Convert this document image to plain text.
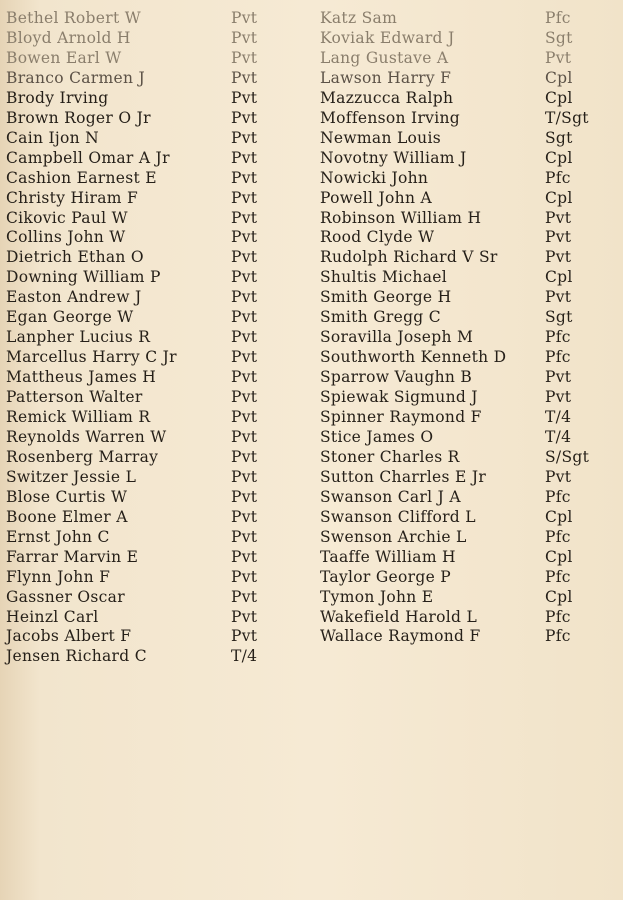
Bethel Robert W	Pvt
Bloyd Arnold H	Pvt
Bowen Earl W	Pvt
Branco Carmen J	Pvt
Brody Irving	Pvt
Brown Roger O Jr	Pvt
Cain Ijon N	Pvt
Campbell Omar A Jr	Pvt
Cashion Earnest E	Pvt
Christy Hiram F	Pvt
Cikovic Paul W	Pvt
Collins John W	Pvt
Dietrich Ethan O	Pvt
Downing William P	Pvt
Easton Andrew J	Pvt
Egan George W	Pvt
Lanpher Lucius R	Pvt
Marcellus Harry C Jr	Pvt
Mattheus James H	Pvt
Patterson Walter	Pvt
Remick William R	Pvt
Reynolds Warren W	Pvt
Rosenberg Marray	Pvt
Switzer Jessie L	Pvt
Blose Curtis W	Pvt
Boone Elmer A	Pvt
Ernst John C	Pvt
Farrar Marvin E	Pvt
Flynn John F	Pvt
Gassner Oscar	Pvt
Heinzl Carl	Pvt
Jacobs Albert F	Pvt
Jensen Richard C	T/4
Katz Sam	Pfc
Koviak Edward J	Sgt
Lang Gustave A	Pvt
Lawson Harry F	Cpl
Mazzucca Ralph	Cpl
Moffenson Irving	T/Sgt
Newman Louis	Sgt
Novotny William J	Cpl
Nowicki John	Pfc
Powell John A	Cpl
Robinson William H	Pvt
Rood Clyde W	Pvt
Rudolph Richard V Sr	Pvt
Shultis Michael	Cpl
Smith George H	Pvt
Smith Gregg C	Sgt
Soravilla Joseph M	Pfc
Southworth Kenneth D Pfc
Sparrow Vaughn B	Pvt
Spiewak Sigmund J	Pvt
Spinner Raymond F	T/4
Stice James O	T/4
Stoner Charles R	S/Sgt
Sutton Charrles E Jr	Pvt
Swanson Carl J A	Pfc
Swanson Clifford L	Cpl
Swenson Archie L	Pfc
Taaffe William H	Cpl
Taylor George P	Pfc
Tymon John E	Cpl
Wakefield Harold L	Pfc
Wallace Raymond F	Pfc
